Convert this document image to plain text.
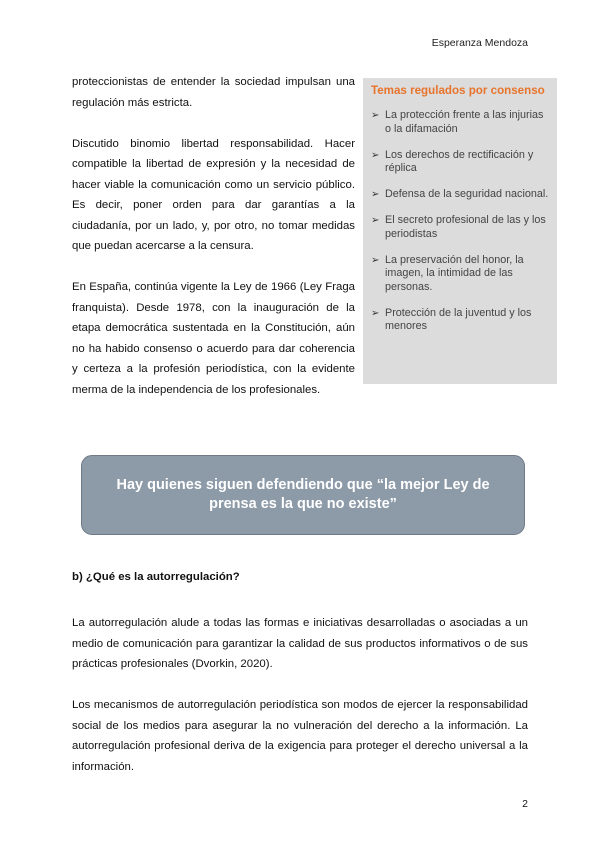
Esperanza Mendoza

proteccionistas de entender la sociedad impulsan una regulación más estricta.

Discutido binomio libertad responsabilidad. Hacer compatible la libertad de expresión y la necesidad de hacer viable la comunicación como un servicio público. Es decir, poner orden para dar garantías a la ciudadanía, por un lado, y, por otro, no tomar medidas que puedan acercarse a la censura.

En España, continúa vigente la Ley de 1966 (Ley Fraga franquista). Desde 1978, con la inauguración de la etapa democrática sustentada en la Constitución, aún no ha habido consenso o acuerdo para dar coherencia y certeza a la profesión periodística, con la evidente merma de la independencia de los profesionales.

Temas regulados por consenso
➢ La protección frente a las injurias o la difamación
➢ Los derechos de rectificación y réplica
➢ Defensa de la seguridad nacional.
➢ El secreto profesional de las y los periodistas
➢ La preservación del honor, la imagen, la intimidad de las personas.
➢ Protección de la juventud y los menores
Hay quienes siguen defendiendo que “la mejor Ley de prensa es la que no existe”
b) ¿Qué es la autorregulación?

La autorregulación alude a todas las formas e iniciativas desarrolladas o asociadas a un medio de comunicación para garantizar la calidad de sus productos informativos o de sus prácticas profesionales (Dvorkin, 2020).

Los mecanismos de autorregulación periodística son modos de ejercer la responsabilidad social de los medios para asegurar la no vulneración del derecho a la información. La autorregulación profesional deriva de la exigencia para proteger el derecho universal a la información.

2
